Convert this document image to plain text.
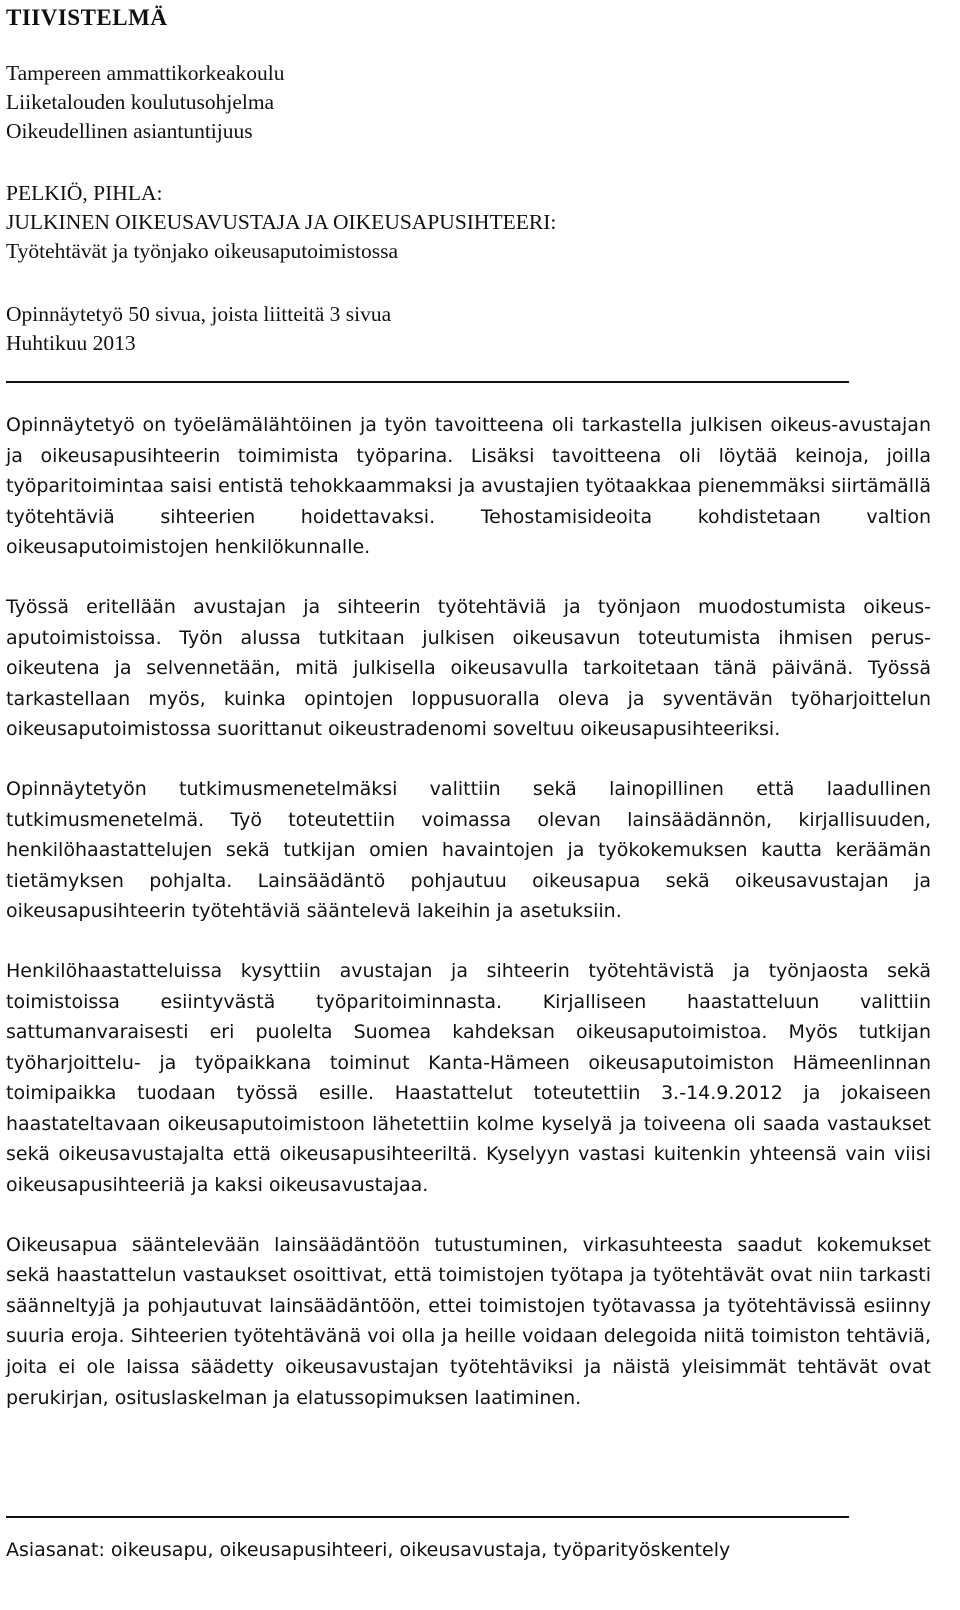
TIIVISTELMÄ
Tampereen ammattikorkeakoulu
Liiketalouden koulutusohjelma
Oikeudellinen asiantuntijuus
PELKIÖ, PIHLA:
JULKINEN OIKEUSAVUSTAJA JA OIKEUSAPUSIHTEERI:
Työtehtävät ja työnjako oikeusaputoimistossa
Opinnäytetyö 50 sivua, joista liitteitä 3 sivua
Huhtikuu 2013

Opinnäytetyö on työelämälähtöinen ja työn tavoitteena oli tarkastella julkisen oikeus-avustajan ja oikeusapusihteerin toimimista työparina. Lisäksi tavoitteena oli löytää keinoja, joilla työparitoimintaa saisi entistä tehokkaammaksi ja avustajien työtaakkaa pienemmäksi siirtämällä työtehtäviä sihteerien hoidettavaksi. Tehostamisideoita kohdistetaan valtion oikeusaputoimistojen henkilökunnalle.

Työssä eritellään avustajan ja sihteerin työtehtäviä ja työnjaon muodostumista oikeus-aputoimistoissa. Työn alussa tutkitaan julkisen oikeusavun toteutumista ihmisen perus-oikeutena ja selvennetään, mitä julkisella oikeusavulla tarkoitetaan tänä päivänä. Työssä tarkastellaan myös, kuinka opintojen loppusuoralla oleva ja syventävän työharjoittelun oikeusaputoimistossa suorittanut oikeustradenomi soveltuu oikeusapusihteeriksi.

Opinnäytetyön tutkimusmenetelmäksi valittiin sekä lainopillinen että laadullinen tutkimusmenetelmä. Työ toteutettiin voimassa olevan lainsäädännön, kirjallisuuden, henkilöhaastattelujen sekä tutkijan omien havaintojen ja työkokemuksen kautta keräämän tietämyksen pohjalta. Lainsäädäntö pohjautuu oikeusapua sekä oikeusavustajan ja oikeusapusihteerin työtehtäviä sääntelevä lakeihin ja asetuksiin.

Henkilöhaastatteluissa kysyttiin avustajan ja sihteerin työtehtävistä ja työnjaosta sekä toimistoissa esiintyvästä työparitoiminnasta. Kirjalliseen haastatteluun valittiin sattumanvaraisesti eri puolelta Suomea kahdeksan oikeusaputoimistoa. Myös tutkijan työharjoittelu- ja työpaikkana toiminut Kanta-Hämeen oikeusaputoimiston Hämeenlinnan toimipaikka tuodaan työssä esille. Haastattelut toteutettiin 3.-14.9.2012 ja jokaiseen haastateltavaan oikeusaputoimistoon lähetettiin kolme kyselyä ja toiveena oli saada vastaukset sekä oikeusavustajalta että oikeusapusihteeriltä. Kyselyyn vastasi kuitenkin yhteensä vain viisi oikeusapusihteeriä ja kaksi oikeusavustajaa.

Oikeusapua sääntelevään lainsäädäntöön tutustuminen, virkasuhteesta saadut kokemukset sekä haastattelun vastaukset osoittivat, että toimistojen työtapa ja työtehtävät ovat niin tarkasti säänneltyjä ja pohjautuvat lainsäädäntöön, ettei toimistojen työtavassa ja työtehtävissä esiinny suuria eroja. Sihteerien työtehtävänä voi olla ja heille voidaan delegoida niitä toimiston tehtäviä, joita ei ole laissa säädetty oikeusavustajan työtehtäviksi ja näistä yleisimmät tehtävät ovat perukirjan, osituslaskelman ja elatussopimuksen laatiminen.

Asiasanat: oikeusapu, oikeusapusihteeri, oikeusavustaja, työparityöskentely
